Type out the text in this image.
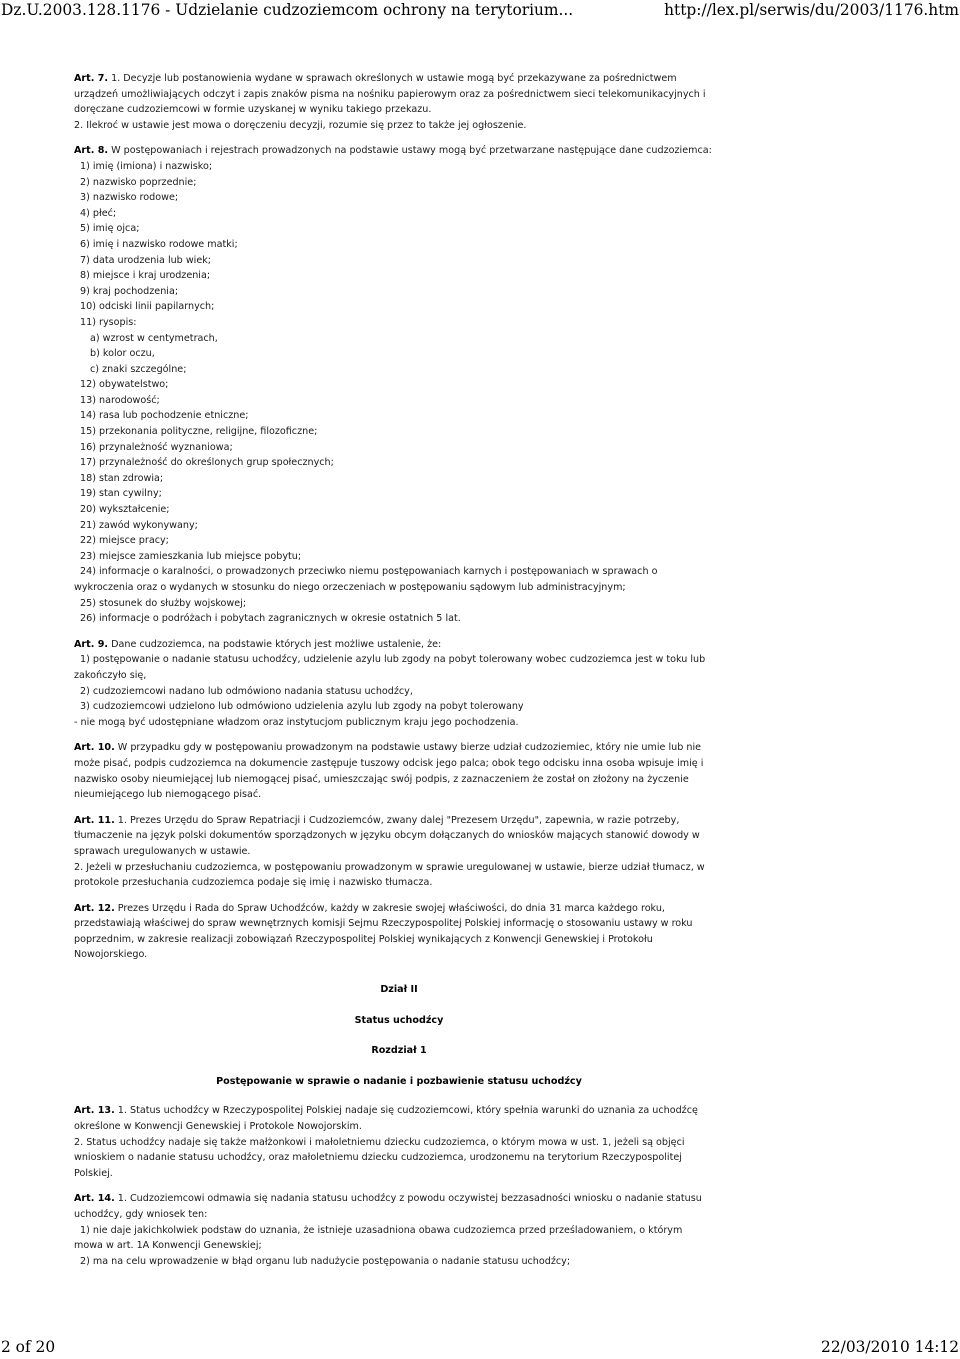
Dz.U.2003.128.1176 - Udzielanie cudzoziemcom ochrony na terytorium...	http://lex.pl/serwis/du/2003/1176.htm
Art. 7. 1. Decyzje lub postanowienia wydane w sprawach określonych w ustawie mogą być przekazywane za pośrednictwem
urządzeń umożliwiających odczyt i zapis znaków pisma na nośniku papierowym oraz za pośrednictwem sieci telekomunikacyjnych i
doręczane cudzoziemcowi w formie uzyskanej w wyniku takiego przekazu.
2. Ilekroć w ustawie jest mowa o doręczeniu decyzji, rozumie się przez to także jej ogłoszenie.
Art. 8. W postępowaniach i rejestrach prowadzonych na podstawie ustawy mogą być przetwarzane następujące dane cudzoziemca:
1) imię (imiona) i nazwisko;
2) nazwisko poprzednie;
3) nazwisko rodowe;
4) płeć;
5) imię ojca;
6) imię i nazwisko rodowe matki;
7) data urodzenia lub wiek;
8) miejsce i kraj urodzenia;
9) kraj pochodzenia;
10) odciski linii papilarnych;
11) rysopis:
a) wzrost w centymetrach,
b) kolor oczu,
c) znaki szczególne;
12) obywatelstwo;
13) narodowość;
14) rasa lub pochodzenie etniczne;
15) przekonania polityczne, religijne, filozoficzne;
16) przynależność wyznaniowa;
17) przynależność do określonych grup społecznych;
18) stan zdrowia;
19) stan cywilny;
20) wykształcenie;
21) zawód wykonywany;
22) miejsce pracy;
23) miejsce zamieszkania lub miejsce pobytu;
24) informacje o karalności, o prowadzonych przeciwko niemu postępowaniach karnych i postępowaniach w sprawach o
wykroczenia oraz o wydanych w stosunku do niego orzeczeniach w postępowaniu sądowym lub administracyjnym;
25) stosunek do służby wojskowej;
26) informacje o podróżach i pobytach zagranicznych w okresie ostatnich 5 lat.
Art. 9. Dane cudzoziemca, na podstawie których jest możliwe ustalenie, że:
1) postępowanie o nadanie statusu uchodźcy, udzielenie azylu lub zgody na pobyt tolerowany wobec cudzoziemca jest w toku lub
zakończyło się,
2) cudzoziemcowi nadano lub odmówiono nadania statusu uchodźcy,
3) cudzoziemcowi udzielono lub odmówiono udzielenia azylu lub zgody na pobyt tolerowany
- nie mogą być udostępniane władzom oraz instytucjom publicznym kraju jego pochodzenia.
Art. 10. W przypadku gdy w postępowaniu prowadzonym na podstawie ustawy bierze udział cudzoziemiec, który nie umie lub nie
może pisać, podpis cudzoziemca na dokumencie zastępuje tuszowy odcisk jego palca; obok tego odcisku inna osoba wpisuje imię i
nazwisko osoby nieumiejącej lub niemogącej pisać, umieszczając swój podpis, z zaznaczeniem że został on złożony na życzenie
nieumiejącego lub niemogącego pisać.
Art. 11. 1. Prezes Urzędu do Spraw Repatriacji i Cudzoziemców, zwany dalej "Prezesem Urzędu", zapewnia, w razie potrzeby,
tłumaczenie na język polski dokumentów sporządzonych w języku obcym dołączanych do wniosków mających stanowić dowody w
sprawach uregulowanych w ustawie.
2. Jeżeli w przesłuchaniu cudzoziemca, w postępowaniu prowadzonym w sprawie uregulowanej w ustawie, bierze udział tłumacz, w
protokole przesłuchania cudzoziemca podaje się imię i nazwisko tłumacza.
Art. 12. Prezes Urzędu i Rada do Spraw Uchodźców, każdy w zakresie swojej właściwości, do dnia 31 marca każdego roku,
przedstawiają właściwej do spraw wewnętrznych komisji Sejmu Rzeczypospolitej Polskiej informację o stosowaniu ustawy w roku
poprzednim, w zakresie realizacji zobowiązań Rzeczypospolitej Polskiej wynikających z Konwencji Genewskiej i Protokołu
Nowojorskiego.
Dział II
Status uchodźcy
Rozdział 1
Postępowanie w sprawie o nadanie i pozbawienie statusu uchodźcy
Art. 13. 1. Status uchodźcy w Rzeczypospolitej Polskiej nadaje się cudzoziemcowi, który spełnia warunki do uznania za uchodźcę
określone w Konwencji Genewskiej i Protokole Nowojorskim.
2. Status uchodźcy nadaje się także małżonkowi i małoletniemu dziecku cudzoziemca, o którym mowa w ust. 1, jeżeli są objęci
wnioskiem o nadanie statusu uchodźcy, oraz małoletniemu dziecku cudzoziemca, urodzonemu na terytorium Rzeczypospolitej
Polskiej.
Art. 14. 1. Cudzoziemcowi odmawia się nadania statusu uchodźcy z powodu oczywistej bezzasadności wniosku o nadanie statusu
uchodźcy, gdy wniosek ten:
1) nie daje jakichkolwiek podstaw do uznania, że istnieje uzasadniona obawa cudzoziemca przed prześladowaniem, o którym
mowa w art. 1A Konwencji Genewskiej;
2) ma na celu wprowadzenie w błąd organu lub nadużycie postępowania o nadanie statusu uchodźcy;
2 of 20	22/03/2010 14:12
